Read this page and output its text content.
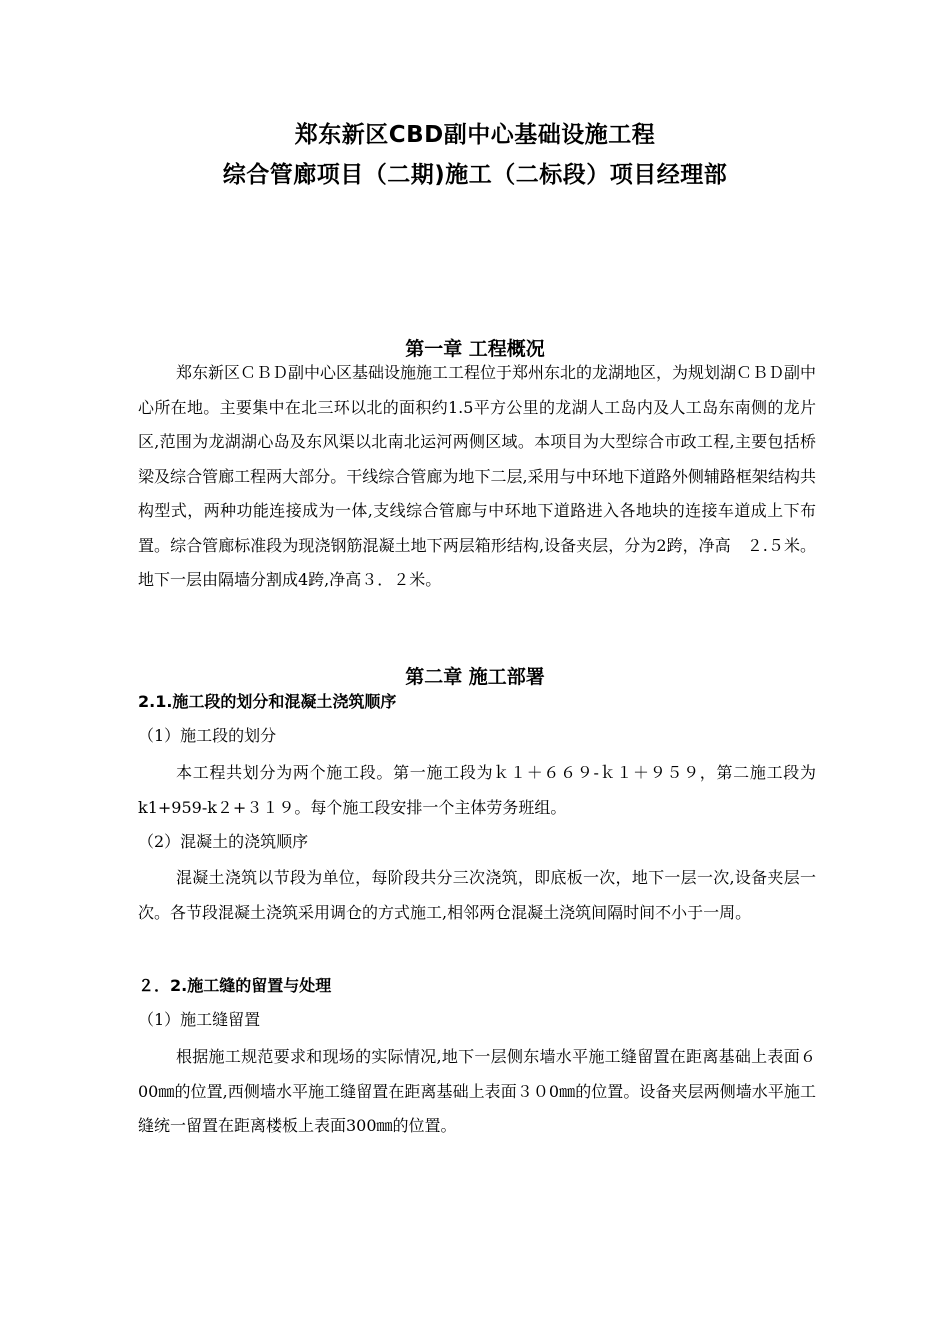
郑东新区CBD副中心基础设施工程
综合管廊项目（二期)施工（二标段）项目经理部
第一章 工程概况

郑东新区ＣＢＤ副中心区基础设施施工工程位于郑州东北的龙湖地区，为规划湖ＣＢＤ副中心所在地。主要集中在北三环以北的面积约1.5平方公里的龙湖人工岛内及人工岛东南侧的龙片区,范围为龙湖湖心岛及东风渠以北南北运河两侧区域。本项目为大型综合市政工程,主要包括桥梁及综合管廊工程两大部分。干线综合管廊为地下二层,采用与中环地下道路外侧辅路框架结构共构型式，两种功能连接成为一体,支线综合管廊与中环地下道路进入各地块的连接车道成上下布置。综合管廊标准段为现浇钢筋混凝土地下两层箱形结构,设备夹层，分为2跨，净高　２.５米。地下一层由隔墙分割成4跨,净高３．２米。

第二章 施工部署
2.1.施工段的划分和混凝土浇筑顺序
（1）施工段的划分

本工程共划分为两个施工段。第一施工段为ｋ１＋６６９-ｋ１＋９５９，第二施工段为k1+959-k２+３１９。每个施工段安排一个主体劳务班组。

（2）混凝土的浇筑顺序

混凝土浇筑以节段为单位，每阶段共分三次浇筑，即底板一次，地下一层一次,设备夹层一次。各节段混凝土浇筑采用调仓的方式施工,相邻两仓混凝土浇筑间隔时间不小于一周。

２．2.施工缝的留置与处理
（1）施工缝留置

根据施工规范要求和现场的实际情况,地下一层侧东墙水平施工缝留置在距离基础上表面６00㎜的位置,西侧墙水平施工缝留置在距离基础上表面３０0㎜的位置。设备夹层两侧墙水平施工缝统一留置在距离楼板上表面300㎜的位置。
